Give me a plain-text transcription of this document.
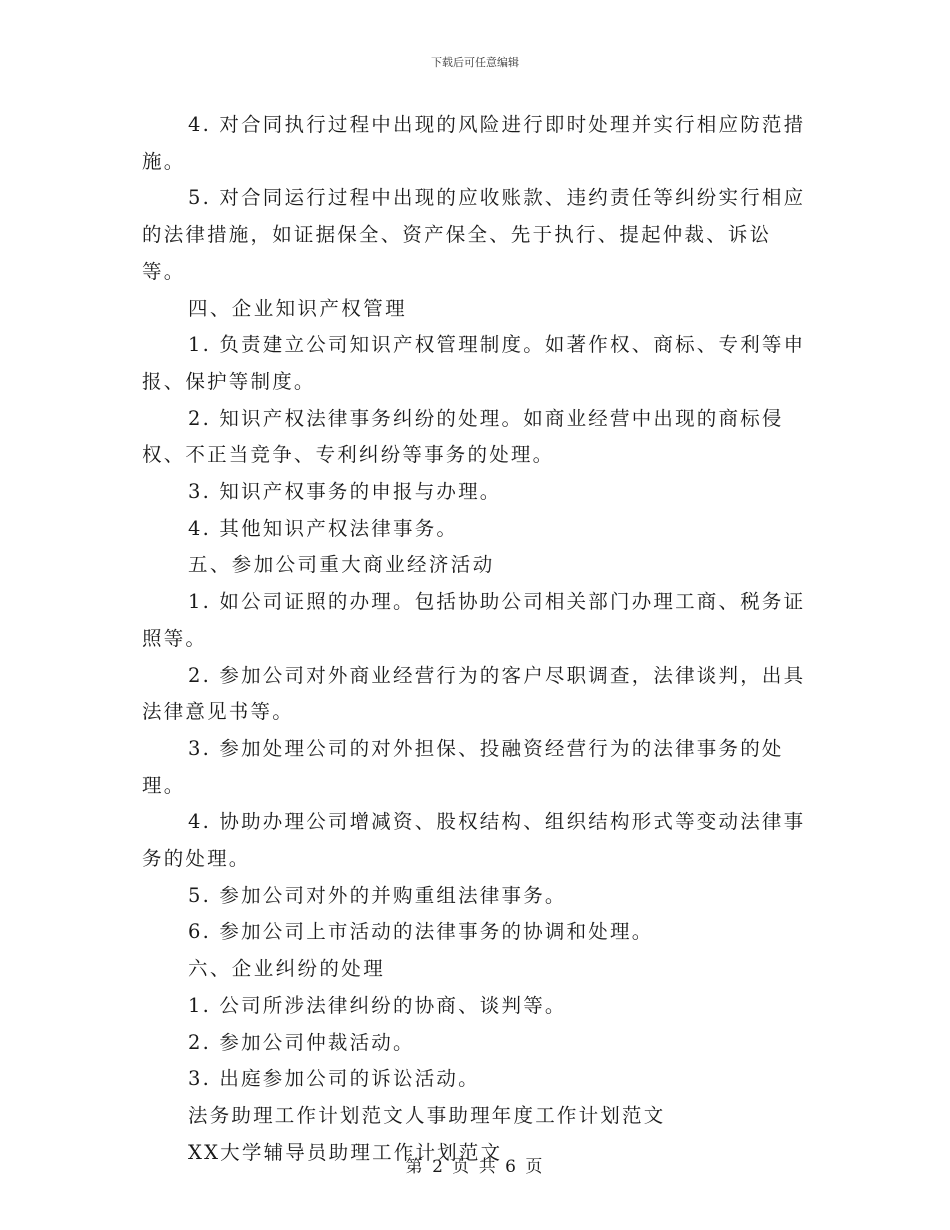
下载后可任意编辑

4. 对合同执行过程中出现的风险进行即时处理并实行相应防范措施。

5. 对合同运行过程中出现的应收账款、违约责任等纠纷实行相应的法律措施，如证据保全、资产保全、先于执行、提起仲裁、诉讼等。

四、企业知识产权管理

1. 负责建立公司知识产权管理制度。如著作权、商标、专利等申报、保护等制度。

2. 知识产权法律事务纠纷的处理。如商业经营中出现的商标侵权、不正当竞争、专利纠纷等事务的处理。

3. 知识产权事务的申报与办理。

4. 其他知识产权法律事务。

五、参加公司重大商业经济活动

1. 如公司证照的办理。包括协助公司相关部门办理工商、税务证照等。

2. 参加公司对外商业经营行为的客户尽职调查，法律谈判，出具法律意见书等。

3. 参加处理公司的对外担保、投融资经营行为的法律事务的处理。

4. 协助办理公司增减资、股权结构、组织结构形式等变动法律事务的处理。

5. 参加公司对外的并购重组法律事务。

6. 参加公司上市活动的法律事务的协调和处理。

六、企业纠纷的处理

1. 公司所涉法律纠纷的协商、谈判等。

2. 参加公司仲裁活动。

3. 出庭参加公司的诉讼活动。

法务助理工作计划范文人事助理年度工作计划范文

XX大学辅导员助理工作计划范文

第 2 页 共 6 页
